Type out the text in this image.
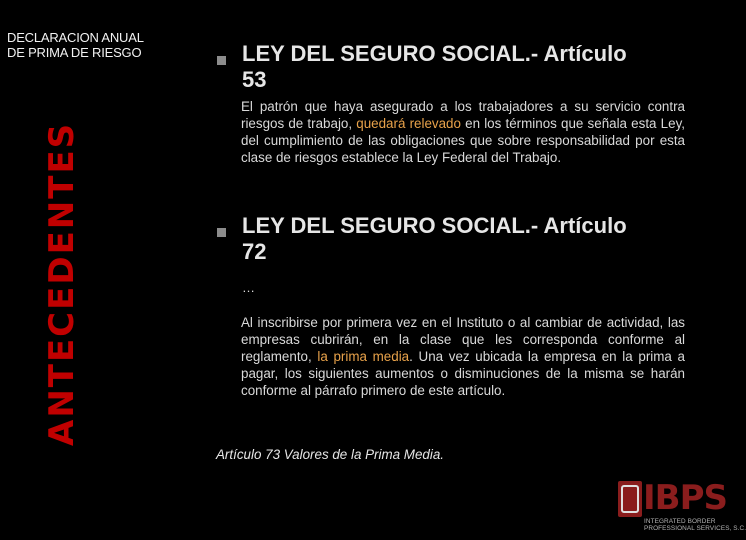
DECLARACION ANUAL
DE PRIMA DE RIESGO
ANTECEDENTES
LEY DEL SEGURO SOCIAL.- Artículo
53
El patrón que haya asegurado a los trabajadores a su servicio contra riesgos de trabajo, quedará relevado en los términos que señala esta Ley, del cumplimiento de las obligaciones que sobre responsabilidad por esta clase de riesgos establece la Ley Federal del Trabajo.
LEY DEL SEGURO SOCIAL.- Artículo
72
…
Al inscribirse por primera vez en el Instituto o al cambiar de actividad, las empresas cubrirán, en la clase que les corresponda conforme al reglamento, la prima media. Una vez ubicada la empresa en la prima a pagar, los siguientes aumentos o disminuciones de la misma se harán conforme al párrafo primero de este artículo.
Artículo 73 Valores de la Prima Media.
IBPS
INTEGRATED BORDER
PROFESSIONAL SERVICES, S.C.
